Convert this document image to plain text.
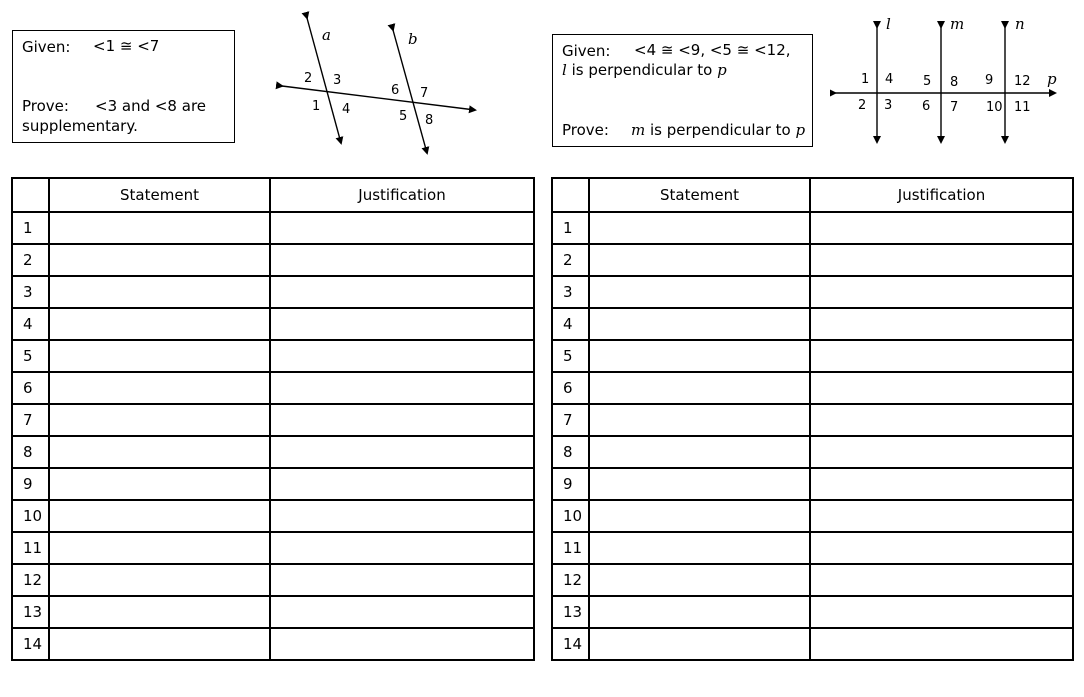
Given: <1 ≅ <7
Prove: <3 and <8 are
supplementary.
a	b
2 3
1 4
6 7
5 8
Given: <4 ≅ <9, <5 ≅ <12,
l is perpendicular to p
Prove: m is perpendicular to p
l	m	n
p
1 4
2 3
5 8
6 7
9 12
10 11
	Statement	Justification
1		
2		
3		
4		
5		
6		
7		
8		
9		
10		
11		
12		
13		
14		
	Statement	Justification
1		
2		
3		
4		
5		
6		
7		
8		
9		
10		
11		
12		
13		
14		
